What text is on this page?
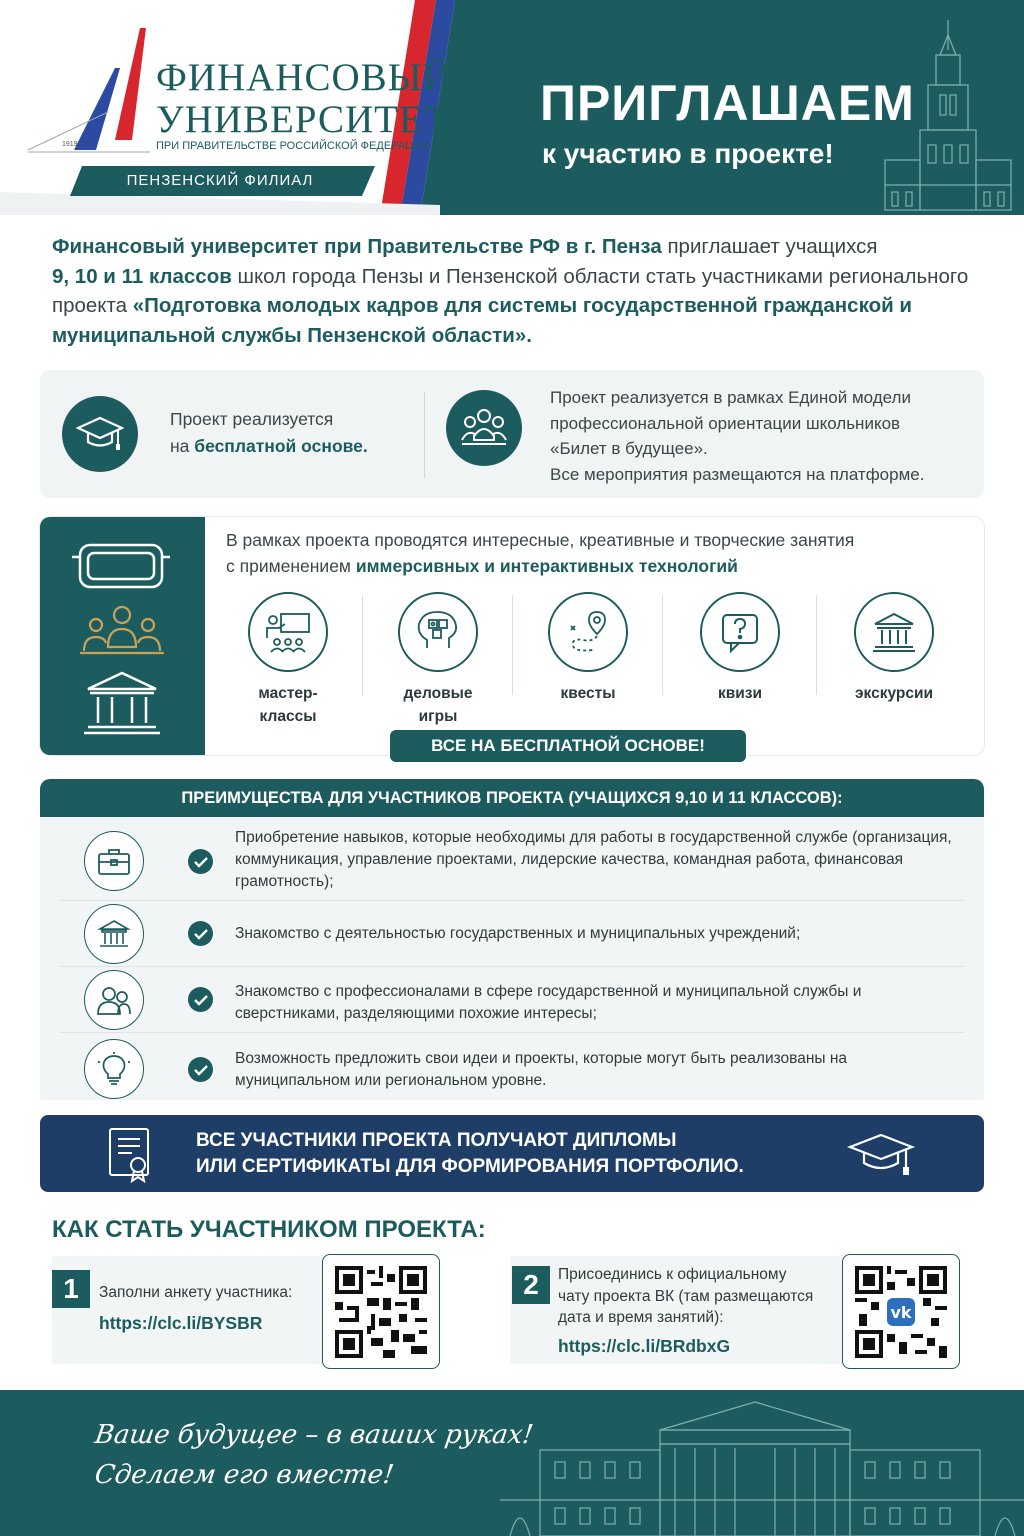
ФИНАНСОВЫЙ
УНИВЕРСИТЕТ
ПРИ ПРАВИТЕЛЬСТВЕ РОССИЙСКОЙ ФЕДЕРАЦИИ
1919
ПЕНЗЕНСКИЙ ФИЛИАЛ
ПРИГЛАШАЕМ
к участию в проекте!
Финансовый университет при Правительстве РФ в г. Пенза приглашает учащихся
9, 10 и 11 классов школ города Пензы и Пензенской области стать участниками регионального проекта «Подготовка молодых кадров для системы государственной гражданской и муниципальной службы Пензенской области».
Проект реализуется
на бесплатной основе.
Проект реализуется в рамках Единой модели
профессиональной ориентации школьников
«Билет в будущее».
Все мероприятия размещаются на платформе.
В рамках проекта проводятся интересные, креативные и творческие занятия
с применением иммерсивных и интерактивных технологий
мастер-
классы
деловые
игры
квесты	квизи	экскурсии
ВСЕ НА БЕСПЛАТНОЙ ОСНОВЕ!
ПРЕИМУЩЕСТВА ДЛЯ УЧАСТНИКОВ ПРОЕКТА (УЧАЩИХСЯ 9,10 И 11 КЛАССОВ):
Приобретение навыков, которые необходимы для работы в государственной службе (организация, коммуникация, управление проектами, лидерские качества, командная работа, финансовая грамотность);
Знакомство с деятельностью государственных и муниципальных учреждений;
Знакомство с профессионалами в сфере государственной и муниципальной службы и сверстниками, разделяющими похожие интересы;
Возможность предложить свои идеи и проекты, которые могут быть реализованы на муниципальном или региональном уровне.
ВСЕ УЧАСТНИКИ ПРОЕКТА ПОЛУЧАЮТ ДИПЛОМЫ
ИЛИ СЕРТИФИКАТЫ ДЛЯ ФОРМИРОВАНИЯ ПОРТФОЛИО.
КАК СТАТЬ УЧАСТНИКОМ ПРОЕКТА:
1	Заполни анкету участника:
https://clc.li/BYSBR
2	Присоединись к официальному
чату проекта ВК (там размещаются
дата и время занятий):
https://clc.li/BRdbxG
vk
Ваше будущее – в ваших руках!
Сделаем его вместе!
